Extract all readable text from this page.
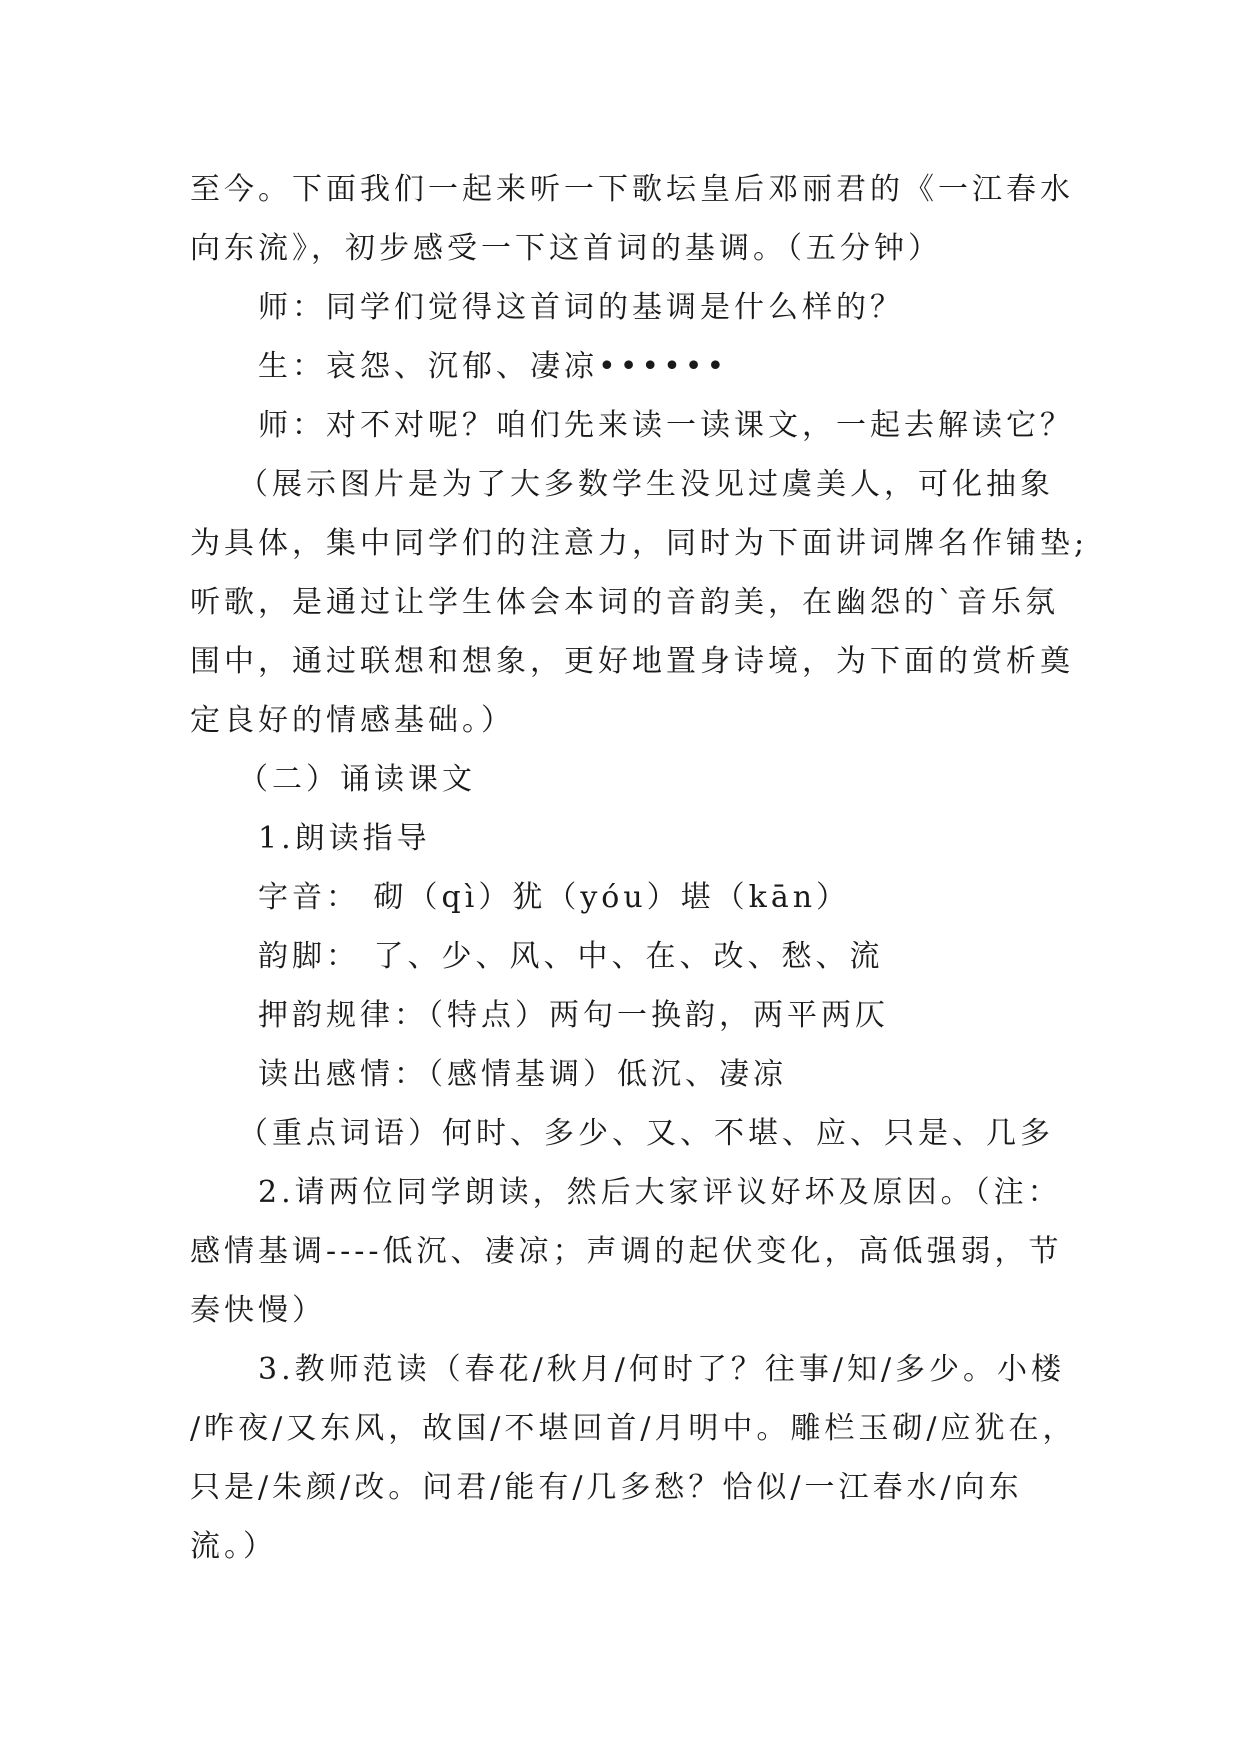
至今。下面我们一起来听一下歌坛皇后邓丽君的《一江春水
向东流》，初步感受一下这首词的基调。（五分钟）
师：同学们觉得这首词的基调是什么样的？
生：哀怨、沉郁、凄凉••••••
师：对不对呢？咱们先来读一读课文，一起去解读它？
（展示图片是为了大多数学生没见过虞美人，可化抽象
为具体，集中同学们的注意力，同时为下面讲词牌名作铺垫;
听歌，是通过让学生体会本词的音韵美，在幽怨的`音乐氛
围中，通过联想和想象，更好地置身诗境，为下面的赏析奠
定良好的情感基础。）
（二）诵读课文
1.朗读指导
字音： 砌（qì）犹（yóu）堪（kān）
韵脚： 了、少、风、中、在、改、愁、流
押韵规律：（特点）两句一换韵，两平两仄
读出感情：（感情基调）低沉、凄凉
（重点词语）何时、多少、又、不堪、应、只是、几多
2.请两位同学朗读，然后大家评议好坏及原因。（注：
感情基调----低沉、凄凉；声调的起伏变化，高低强弱，节
奏快慢）
3.教师范读（春花/秋月/何时了？往事/知/多少。小楼
/昨夜/又东风，故国/不堪回首/月明中。雕栏玉砌/应犹在，
只是/朱颜/改。问君/能有/几多愁？恰似/一江春水/向东
流。）
